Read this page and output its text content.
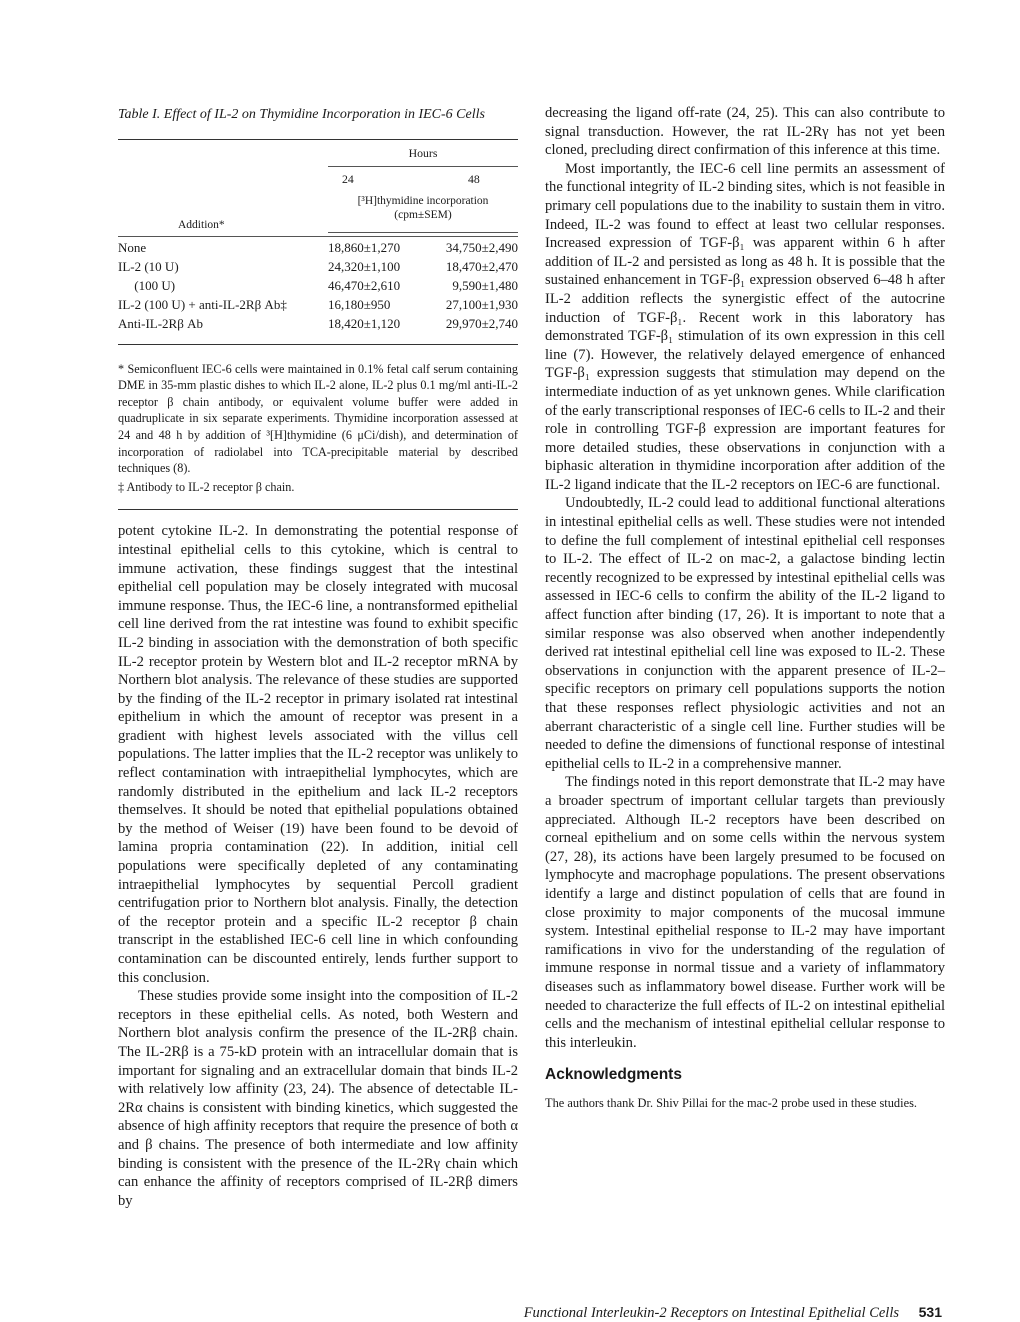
Table I. Effect of IL-2 on Thymidine Incorporation in IEC-6 Cells
Hours
24	48
[³H]thymidine incorporation (cpm±SEM)
Addition*
None	18,860±1,270	34,750±2,490
IL-2 (10 U)	24,320±1,100	18,470±2,470
(100 U)	46,470±2,610	9,590±1,480
IL-2 (100 U) + anti-IL-2Rβ Ab‡	16,180±950	27,100±1,930
Anti-IL-2Rβ Ab	18,420±1,120	29,970±2,740
* Semiconfluent IEC-6 cells were maintained in 0.1% fetal calf serum containing DME in 35-mm plastic dishes to which IL-2 alone, IL-2 plus 0.1 mg/ml anti-IL-2 receptor β chain antibody, or equivalent volume buffer were added in quadruplicate in six separate experiments. Thymidine incorporation assessed at 24 and 48 h by addition of ³[H]thymidine (6 μCi/dish), and determination of incorporation of radiolabel into TCA-precipitable material by described techniques (8).
‡ Antibody to IL-2 receptor β chain.

potent cytokine IL-2. In demonstrating the potential response of intestinal epithelial cells to this cytokine, which is central to immune activation, these findings suggest that the intestinal epithelial cell population may be closely integrated with mucosal immune response. Thus, the IEC-6 line, a nontransformed epithelial cell line derived from the rat intestine was found to exhibit specific IL-2 binding in association with the demonstration of both specific IL-2 receptor protein by Western blot and IL-2 receptor mRNA by Northern blot analysis. The relevance of these studies are supported by the finding of the IL-2 receptor in primary isolated rat intestinal epithelium in which the amount of receptor was present in a gradient with highest levels associated with the villus cell populations. The latter implies that the IL-2 receptor was unlikely to reflect contamination with intraepithelial lymphocytes, which are randomly distributed in the epithelium and lack IL-2 receptors themselves. It should be noted that epithelial populations obtained by the method of Weiser (19) have been found to be devoid of lamina propria contamination (22). In addition, initial cell populations were specifically depleted of any contaminating intraepithelial lymphocytes by sequential Percoll gradient centrifugation prior to Northern blot analysis. Finally, the detection of the receptor protein and a specific IL-2 receptor β chain transcript in the established IEC-6 cell line in which confounding contamination can be discounted entirely, lends further support to this conclusion.

These studies provide some insight into the composition of IL-2 receptors in these epithelial cells. As noted, both Western and Northern blot analysis confirm the presence of the IL-2Rβ chain. The IL-2Rβ is a 75-kD protein with an intracellular domain that is important for signaling and an extracellular domain that binds IL-2 with relatively low affinity (23, 24). The absence of detectable IL-2Rα chains is consistent with binding kinetics, which suggested the absence of high affinity receptors that require the presence of both α and β chains. The presence of both intermediate and low affinity binding is consistent with the presence of the IL-2Rγ chain which can enhance the affinity of receptors comprised of IL-2Rβ dimers by

decreasing the ligand off-rate (24, 25). This can also contribute to signal transduction. However, the rat IL-2Rγ has not yet been cloned, precluding direct confirmation of this inference at this time.

Most importantly, the IEC-6 cell line permits an assessment of the functional integrity of IL-2 binding sites, which is not feasible in primary cell populations due to the inability to sustain them in vitro. Indeed, IL-2 was found to effect at least two cellular responses. Increased expression of TGF-β₁ was apparent within 6 h after addition of IL-2 and persisted as long as 48 h. It is possible that the sustained enhancement in TGF-β₁ expression observed 6–48 h after IL-2 addition reflects the synergistic effect of the autocrine induction of TGF-β₁. Recent work in this laboratory has demonstrated TGF-β₁ stimulation of its own expression in this cell line (7). However, the relatively delayed emergence of enhanced TGF-β₁ expression suggests that stimulation may depend on the intermediate induction of as yet unknown genes. While clarification of the early transcriptional responses of IEC-6 cells to IL-2 and their role in controlling TGF-β expression are important features for more detailed studies, these observations in conjunction with a biphasic alteration in thymidine incorporation after addition of the IL-2 ligand indicate that the IL-2 receptors on IEC-6 are functional.

Undoubtedly, IL-2 could lead to additional functional alterations in intestinal epithelial cells as well. These studies were not intended to define the full complement of intestinal epithelial cell responses to IL-2. The effect of IL-2 on mac-2, a galactose binding lectin recently recognized to be expressed by intestinal epithelial cells was assessed in IEC-6 cells to confirm the ability of the IL-2 ligand to affect function after binding (17, 26). It is important to note that a similar response was also observed when another independently derived rat intestinal epithelial cell line was exposed to IL-2. These observations in conjunction with the apparent presence of IL-2–specific receptors on primary cell populations supports the notion that these responses reflect physiologic activities and not an aberrant characteristic of a single cell line. Further studies will be needed to define the dimensions of functional response of intestinal epithelial cells to IL-2 in a comprehensive manner.

The findings noted in this report demonstrate that IL-2 may have a broader spectrum of important cellular targets than previously appreciated. Although IL-2 receptors have been described on corneal epithelium and on some cells within the nervous system (27, 28), its actions have been largely presumed to be focused on lymphocyte and macrophage populations. The present observations identify a large and distinct population of cells that are found in close proximity to major components of the mucosal immune system. Intestinal epithelial response to IL-2 may have important ramifications in vivo for the understanding of the regulation of immune response in normal tissue and a variety of inflammatory diseases such as inflammatory bowel disease. Further work will be needed to characterize the full effects of IL-2 on intestinal epithelial cells and the mechanism of intestinal epithelial cellular response to this interleukin.

Acknowledgments

The authors thank Dr. Shiv Pillai for the mac-2 probe used in these studies.

Functional Interleukin-2 Receptors on Intestinal Epithelial Cells 531
